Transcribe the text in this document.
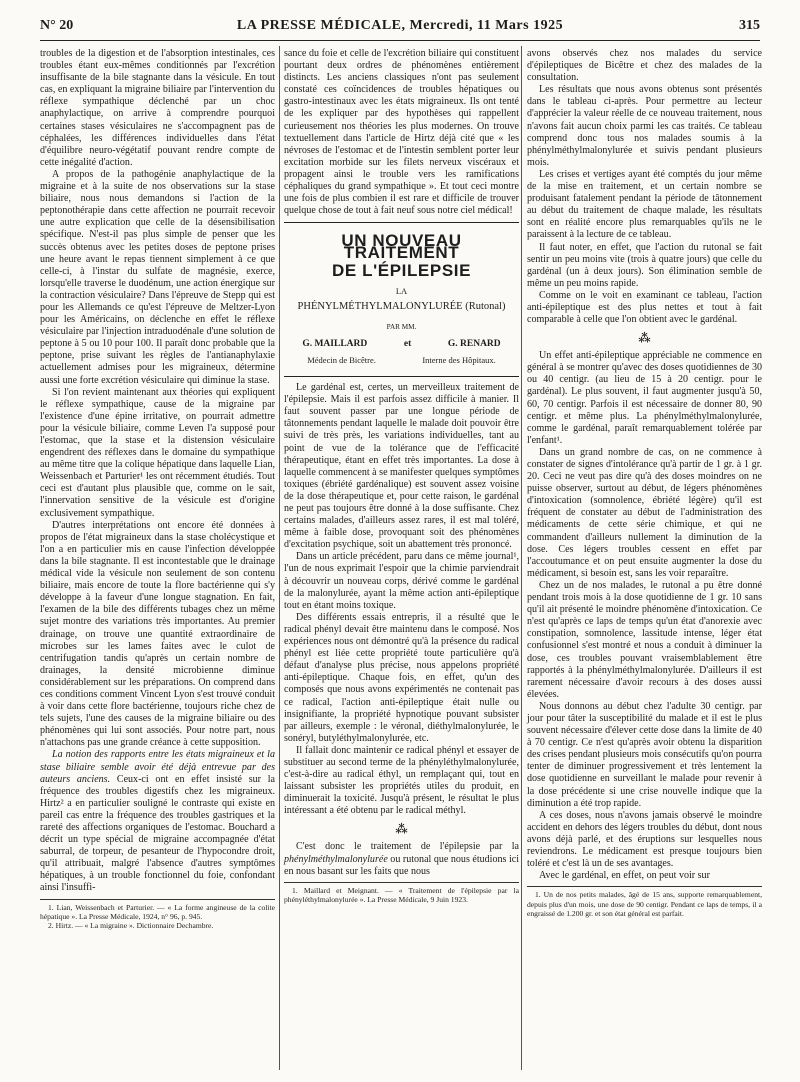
N° 20	LA PRESSE MÉDICALE, Mercredi, 11 Mars 1925	315

troubles de la digestion et de l'absorption intestinales, ces troubles étant eux-mêmes conditionnés par l'excrétion insuffisante de la bile stagnante dans la vésicule. En tout cas, en expliquant la migraine biliaire par l'intervention du réflexe sympathique déclenché par un choc anaphylactique, on arrive à comprendre pourquoi certaines stases vésiculaires ne s'accompagnent pas de céphalées, les différences individuelles dans l'état d'équilibre neuro-végétatif pouvant rendre compte de cette inégalité d'action.

A propos de la pathogénie anaphylactique de la migraine et à la suite de nos observations sur la stase biliaire, nous nous demandons si l'action de la peptonothérapie dans cette affection ne pourrait recevoir une autre explication que celle de la désensibilisation spécifique. N'est-il pas plus simple de penser que les succès obtenus avec les petites doses de peptone prises une heure avant le repas tiennent simplement à ce que celle-ci, à l'instar du sulfate de magnésie, exerce, lorsqu'elle traverse le duodénum, une action énergique sur la contraction vésiculaire? Dans l'épreuve de Stepp qui est pour les Allemands ce qu'est l'épreuve de Meltzer-Lyon pour les Américains, on déclenche en effet le réflexe vésiculaire par l'injection intraduodénale d'une solution de peptone à 5 ou 10 pour 100. Il paraît donc probable que la peptone, prise suivant les règles de l'antianaphylaxie actuellement admises pour les migraineux, détermine aussi une forte excrétion vésiculaire qui diminue la stase.

Si l'on revient maintenant aux théories qui expliquent le réflexe sympathique, cause de la migraine par l'existence d'une épine irritative, on pourrait admettre pour la vésicule biliaire, comme Leven l'a supposé pour l'estomac, que la stase et la distension vésiculaire engendrent des réflexes dans le domaine du sympathique au même titre que la colique hépatique dans laquelle Lian, Weissenbach et Parturier¹ les ont récemment étudiés. Tout ceci est d'autant plus plausible que, comme on le sait, l'innervation sensitive de la vésicule est d'origine exclusivement sympathique.

D'autres interprétations ont encore été données à propos de l'état migraineux dans la stase cholécystique et l'on a en particulier mis en cause l'infection développée dans la bile stagnante. Il est incontestable que le drainage médical vide la vésicule non seulement de son contenu biliaire, mais encore de toute la flore bactérienne qui s'y développe à la faveur d'une longue stagnation. En fait, l'examen de la bile des différents tubages chez un même sujet montre des variations très importantes. Au premier drainage, on trouve une quantité extraordinaire de microbes sur les lames faites avec le culot de centrifugation tandis qu'après un certain nombre de drainages, la densité microbienne diminue considérablement sur les préparations. On comprend dans ces conditions comment Vincent Lyon s'est trouvé conduit à voir dans cette flore bactérienne, toujours riche chez de tels sujets, l'une des causes de la migraine biliaire ou des phénomènes qui lui sont associés. Pour notre part, nous n'attachons pas une grande créance à cette supposition.

La notion des rapports entre les états migraineux et la stase biliaire semble avoir été déjà entrevue par des auteurs anciens. Ceux-ci ont en effet insisté sur la fréquence des troubles digestifs chez les migraineux. Hirtz² a en particulier souligné le contraste qui existe en pareil cas entre la fréquence des troubles gastriques et la rareté des affections organiques de l'estomac. Bouchard a décrit un type spécial de migraine accompagnée d'état saburral, de torpeur, de pesanteur de l'hypocondre droit, qu'il attribuait, malgré l'absence d'autres symptômes hépatiques, à un trouble fonctionnel du foie, confondant ainsi l'insuffi-

1. Lian, Weissenbach et Parturier. — « La forme angineuse de la colite hépatique ». La Presse Médicale, 1924, n° 96, p. 945.

2. Hirtz. — « La migraine ». Dictionnaire Dechambre.

sance du foie et celle de l'excrétion biliaire qui constituent pourtant deux ordres de phénomènes entièrement distincts. Les anciens classiques n'ont pas seulement constaté ces coïncidences de troubles hépatiques ou gastro-intestinaux avec les états migraineux. Ils ont tenté de les expliquer par des hypothèses qui rappellent curieusement nos théories les plus modernes. On trouve textuellement dans l'article de Hirtz déjà cité que « les névroses de l'estomac et de l'intestin semblent porter leur excitation morbide sur les filets nerveux viscéraux et propagent ainsi le trouble vers les ramifications céphaliques du grand sympathique ». Et tout ceci montre une fois de plus combien il est rare et difficile de trouver quelque chose de tout à fait neuf sous notre ciel médical!

UN NOUVEAU TRAITEMENT
DE L'ÉPILEPSIE
LA
PHÉNYLMÉTHYLMALONYLURÉE (Rutonal)
PAR MM.
G. MAILLARD	et	G. RENARD
Médecin de Bicêtre.	Interne des Hôpitaux.

Le gardénal est, certes, un merveilleux traitement de l'épilepsie. Mais il est parfois assez difficile à manier. Il faut souvent passer par une longue période de tâtonnements pendant laquelle le malade doit pouvoir être suivi de très près, les variations individuelles, tant au point de vue de la tolérance que de l'efficacité thérapeutique, étant en effet très importantes. La dose à laquelle commencent à se manifester quelques symptômes toxiques (ébriété gardénalique) est souvent assez voisine de la dose thérapeutique et, pour cette raison, le gardénal ne peut pas toujours être donné à la dose suffisante. Chez certains malades, d'ailleurs assez rares, il est mal toléré, même à faible dose, provoquant soit des phénomènes d'excitation psychique, soit un abattement très prononcé.

Dans un article précédent, paru dans ce même journal¹, l'un de nous exprimait l'espoir que la chimie parviendrait à découvrir un nouveau corps, dérivé comme le gardénal de la malonylurée, ayant la même action anti-épileptique tout en étant moins toxique.

Des différents essais entrepris, il a résulté que le radical phényl devait être maintenu dans le composé. Nos expériences nous ont démontré qu'à la présence du radical phényl est liée cette propriété toute particulière qu'à défaut d'analyse plus précise, nous appelons propriété anti-épileptique. Chaque fois, en effet, qu'un des composés que nous avons expérimentés ne contenait pas ce radical, l'action anti-épileptique était nulle ou insignifiante, la propriété hypnotique pouvant subsister par ailleurs, exemple : le véronal, diéthylmalonylurée, le sonéryl, butyléthylmalonylurée, etc.

Il fallait donc maintenir ce radical phényl et essayer de substituer au second terme de la phényléthylmalonylurée, c'est-à-dire au radical éthyl, un remplaçant qui, tout en laissant subsister les propriétés utiles du produit, en diminuerait la toxicité. Jusqu'à présent, le résultat le plus intéressant a été obtenu par le radical méthyl.

⁂

C'est donc le traitement de l'épilepsie par la phénylméthylmalonylurée ou rutonal que nous étudions ici en nous basant sur les faits que nous

1. Maillard et Meignant. — « Traitement de l'épilepsie par la phényléthylmalonylurée ». La Presse Médicale, 9 Juin 1923.

avons observés chez nos malades du service d'épileptiques de Bicêtre et chez des malades de la consultation.

Les résultats que nous avons obtenus sont présentés dans le tableau ci-après. Pour permettre au lecteur d'apprécier la valeur réelle de ce nouveau traitement, nous n'avons fait aucun choix parmi les cas traités. Ce tableau comprend donc tous nos malades soumis à la phénylméthylmalonylurée et suivis pendant plusieurs mois.

Les crises et vertiges ayant été comptés du jour même de la mise en traitement, et un certain nombre se produisant fatalement pendant la période de tâtonnement au début du traitement de chaque malade, les résultats sont en réalité encore plus remarquables qu'ils ne le paraissent à la lecture de ce tableau.

Il faut noter, en effet, que l'action du rutonal se fait sentir un peu moins vite (trois à quatre jours) que celle du gardénal (un à deux jours). Son élimination semble de même un peu moins rapide.

Comme on le voit en examinant ce tableau, l'action anti-épileptique est des plus nettes et tout à fait comparable à celle que l'on obtient avec le gardénal.

⁂

Un effet anti-épileptique appréciable ne commence en général à se montrer qu'avec des doses quotidiennes de 30 ou 40 centigr. (au lieu de 15 à 20 centigr. pour le gardénal). Le plus souvent, il faut augmenter jusqu'à 50, 60, 70 centigr. Parfois il est nécessaire de donner 80, 90 centigr. et même plus. La phénylméthylmalonylurée, comme le gardénal, paraît remarquablement tolérée par l'enfant¹.

Dans un grand nombre de cas, on ne commence à constater de signes d'intolérance qu'à partir de 1 gr. à 1 gr. 20. Ceci ne veut pas dire qu'à des doses moindres on ne puisse observer, surtout au début, de légers phénomènes d'intoxication (somnolence, ébriété légère) qu'il est fréquent de constater au début de l'administration des médicaments de cette série chimique, et qui ne commandent d'ailleurs nullement la diminution de la dose. Ces légers troubles cessent en effet par l'accoutumance et on peut ensuite augmenter la dose du médicament, si besoin est, sans les voir reparaître.

Chez un de nos malades, le rutonal a pu être donné pendant trois mois à la dose quotidienne de 1 gr. 10 sans qu'il ait présenté le moindre phénomène d'intoxication. Ce n'est qu'après ce laps de temps qu'un état d'anorexie avec constipation, somnolence, lassitude intense, léger état confusionnel s'est montré et nous a conduit à diminuer la dose, ces troubles pouvant vraisemblablement être rapportés à la phénylméthylmalonylurée. D'ailleurs il est rarement nécessaire d'avoir recours à des doses aussi élevées.

Nous donnons au début chez l'adulte 30 centigr. par jour pour tâter la susceptibilité du malade et il est le plus souvent nécessaire d'élever cette dose dans la limite de 40 à 70 centigr. Ce n'est qu'après avoir obtenu la disparition des crises pendant plusieurs mois consécutifs qu'on pourra tenter de diminuer progressivement et très lentement la dose quotidienne en surveillant le malade pour revenir à la dose précédente si une crise nouvelle indique que la diminution a été trop rapide.

A ces doses, nous n'avons jamais observé le moindre accident en dehors des légers troubles du début, dont nous avons déjà parlé, et des éruptions sur lesquelles nous reviendrons. Le médicament est presque toujours bien toléré et c'est là un de ses avantages.

Avec le gardénal, en effet, on peut voir sur

1. Un de nos petits malades, âgé de 15 ans, supporte remarquablement, depuis plus d'un mois, une dose de 90 centigr. Pendant ce laps de temps, il a engraissé de 1.200 gr. et son état général est parfait.
